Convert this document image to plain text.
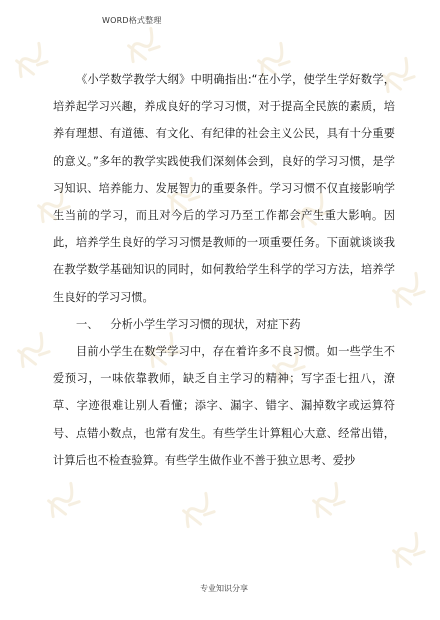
WORD格式整理

《小学数学教学大纲》中明确指出:“在小学，使学生学好数学，培养起学习兴趣，养成良好的学习习惯，对于提高全民族的素质，培养有理想、有道德、有文化、有纪律的社会主义公民，具有十分重要的意义。”多年的教学实践使我们深刻体会到，良好的学习习惯，是学习知识、培养能力、发展智力的重要条件。学习习惯不仅直接影响学生当前的学习，而且对今后的学习乃至工作都会产生重大影响。因此，培养学生良好的学习习惯是教师的一项重要任务。下面就谈谈我在教学数学基础知识的同时，如何教给学生科学的学习方法，培养学生良好的学习习惯。

一、 分析小学生学习习惯的现状，对症下药

目前小学生在数学学习中，存在着许多不良习惯。如一些学生不爱预习，一味依靠教师，缺乏自主学习的精神；写字歪七扭八，潦草、字迹很难让别人看懂；添字、漏字、错字、漏掉数字或运算符号、点错小数点，也常有发生。有些学生计算粗心大意、经常出错，计算后也不检查验算。有些学生做作业不善于独立思考、爱抄

专业知识分享
